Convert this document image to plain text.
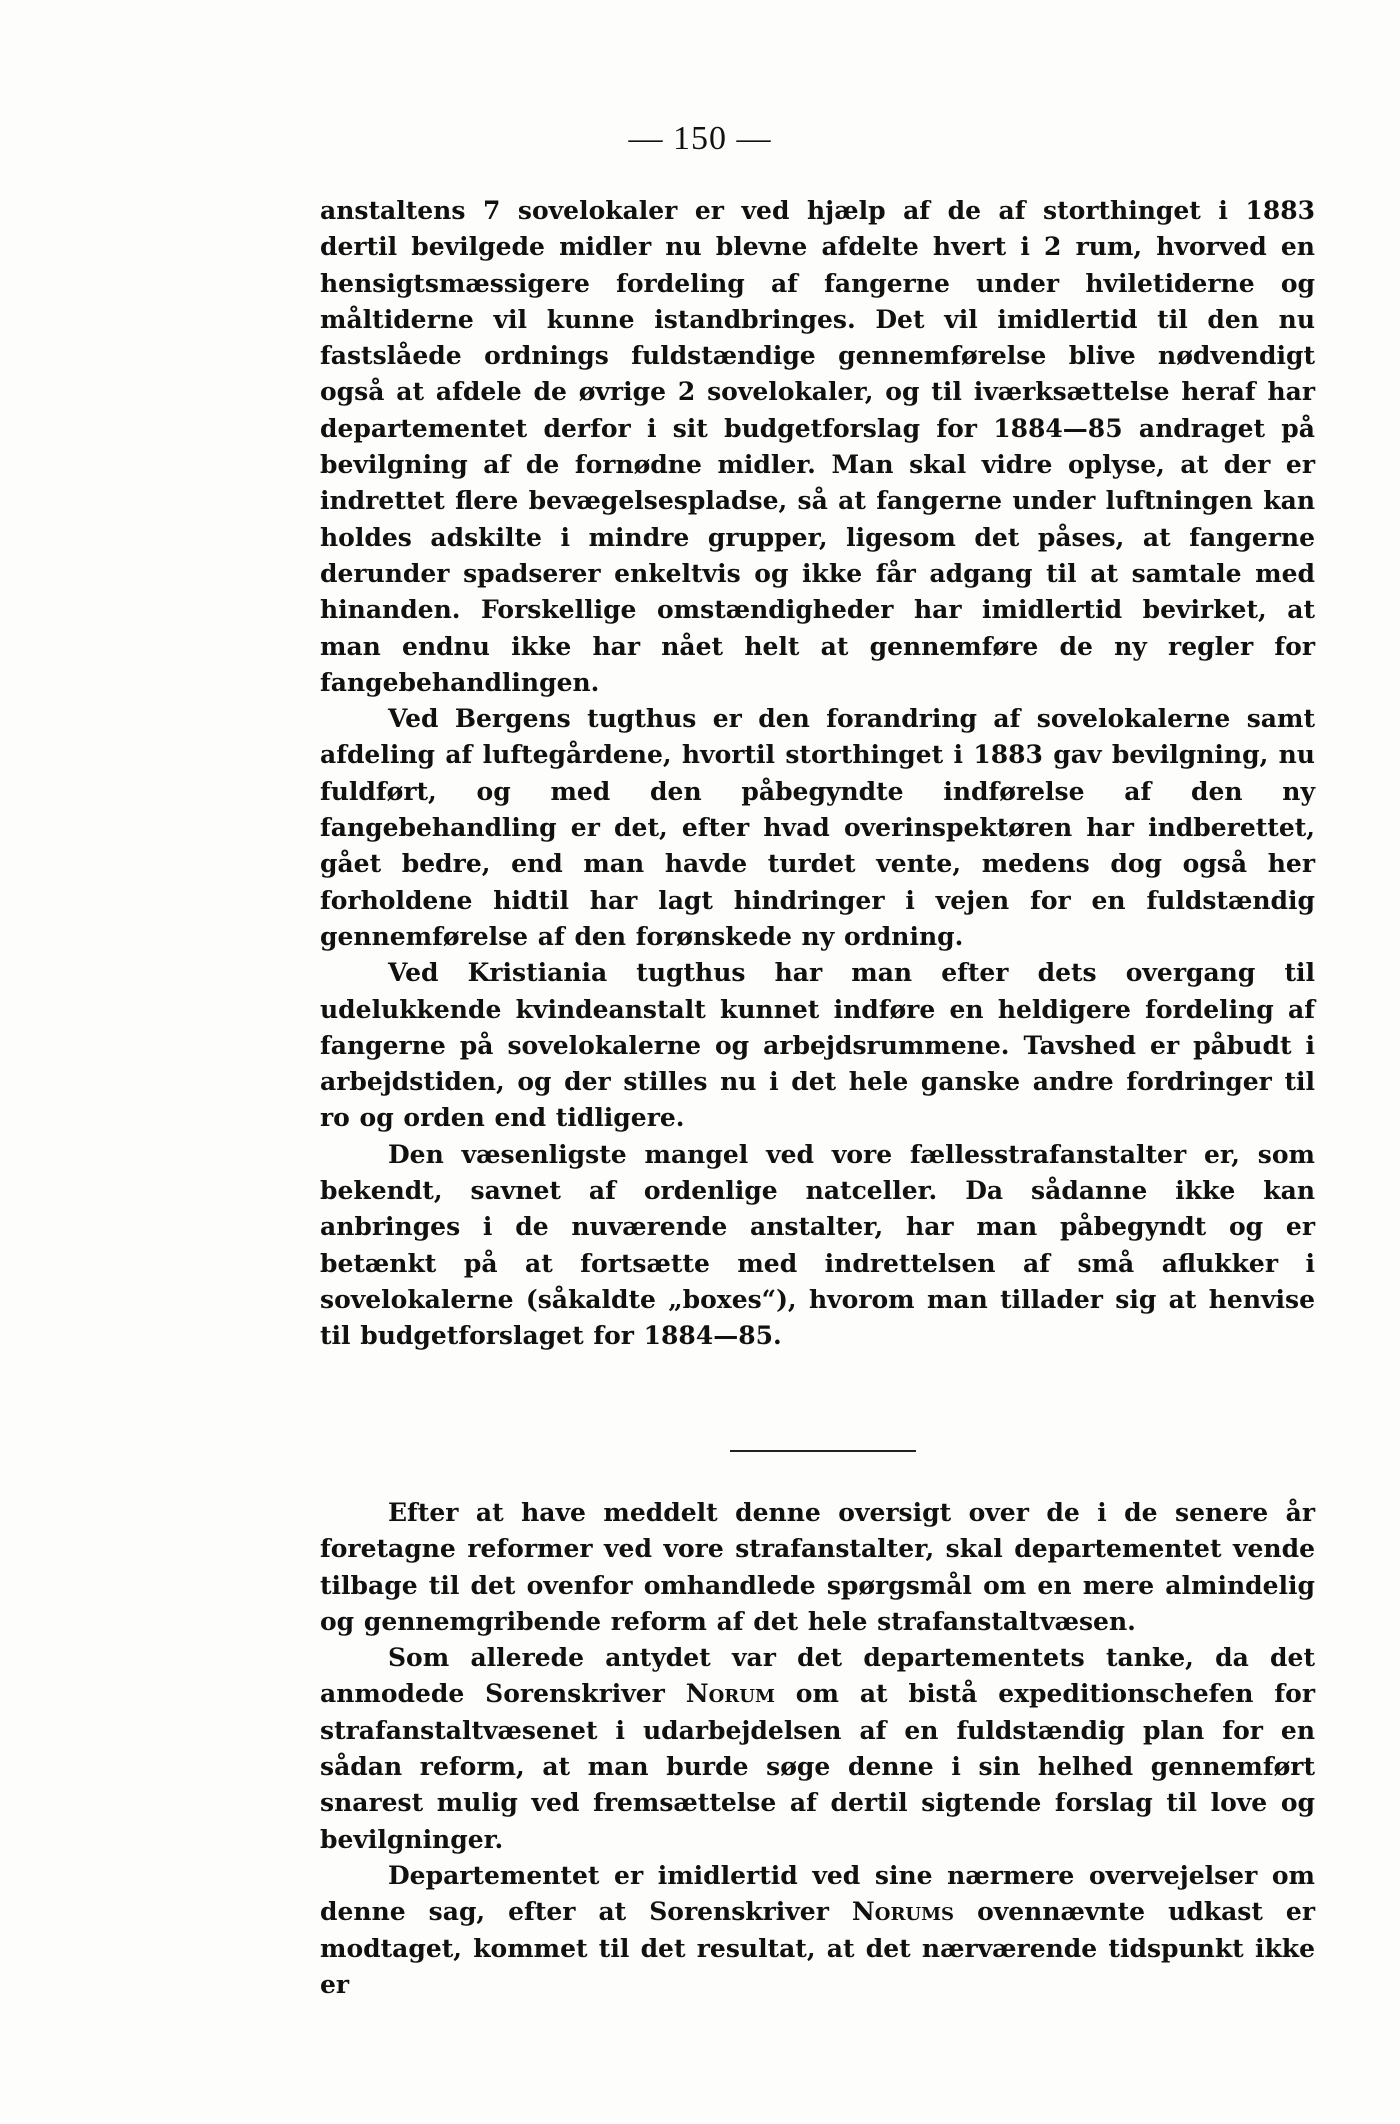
— 150 —

anstaltens 7 sovelokaler er ved hjælp af de af storthinget i 1883 dertil bevilgede midler nu blevne afdelte hvert i 2 rum, hvorved en hensigtsmæssigere fordeling af fangerne under hviletiderne og måltiderne vil kunne istandbringes. Det vil imidlertid til den nu fastslåede ordnings fuldstændige gennemførelse blive nødvendigt også at afdele de øvrige 2 sovelokaler, og til iværksættelse heraf har departementet derfor i sit budgetforslag for 1884—85 andraget på bevilgning af de fornødne midler. Man skal vidre oplyse, at der er indrettet flere bevægelsespladse, så at fangerne under luftningen kan holdes adskilte i mindre grupper, ligesom det påses, at fangerne derunder spadserer enkeltvis og ikke får adgang til at samtale med hinanden. Forskellige omstændigheder har imidlertid bevirket, at man endnu ikke har nået helt at gennemføre de ny regler for fangebehandlingen.

Ved Bergens tugthus er den forandring af sovelokalerne samt afdeling af luftegårdene, hvortil storthinget i 1883 gav bevilgning, nu fuldført, og med den påbegyndte indførelse af den ny fangebehandling er det, efter hvad overinspektøren har indberettet, gået bedre, end man havde turdet vente, medens dog også her forholdene hidtil har lagt hindringer i vejen for en fuldstændig gennemførelse af den forønskede ny ordning.

Ved Kristiania tugthus har man efter dets overgang til udelukkende kvindeanstalt kunnet indføre en heldigere fordeling af fangerne på sovelokalerne og arbejdsrummene. Tavshed er påbudt i arbejdstiden, og der stilles nu i det hele ganske andre fordringer til ro og orden end tidligere.

Den væsenligste mangel ved vore fællesstrafanstalter er, som bekendt, savnet af ordenlige natceller. Da sådanne ikke kan anbringes i de nuværende anstalter, har man påbegyndt og er betænkt på at fortsætte med indrettelsen af små aflukker i sovelokalerne (såkaldte „boxes“), hvorom man tillader sig at henvise til budgetforslaget for 1884—85.

Efter at have meddelt denne oversigt over de i de senere år foretagne reformer ved vore strafanstalter, skal departementet vende tilbage til det ovenfor omhandlede spørgsmål om en mere almindelig og gennemgribende reform af det hele strafanstaltvæsen.

Som allerede antydet var det departementets tanke, da det anmodede Sorenskriver Norum om at bistå expeditionschefen for strafanstaltvæsenet i udarbejdelsen af en fuldstændig plan for en sådan reform, at man burde søge denne i sin helhed gennemført snarest mulig ved fremsættelse af dertil sigtende forslag til love og bevilgninger.

Departementet er imidlertid ved sine nærmere overvejelser om denne sag, efter at Sorenskriver Norums ovennævnte udkast er modtaget, kommet til det resultat, at det nærværende tidspunkt ikke er
